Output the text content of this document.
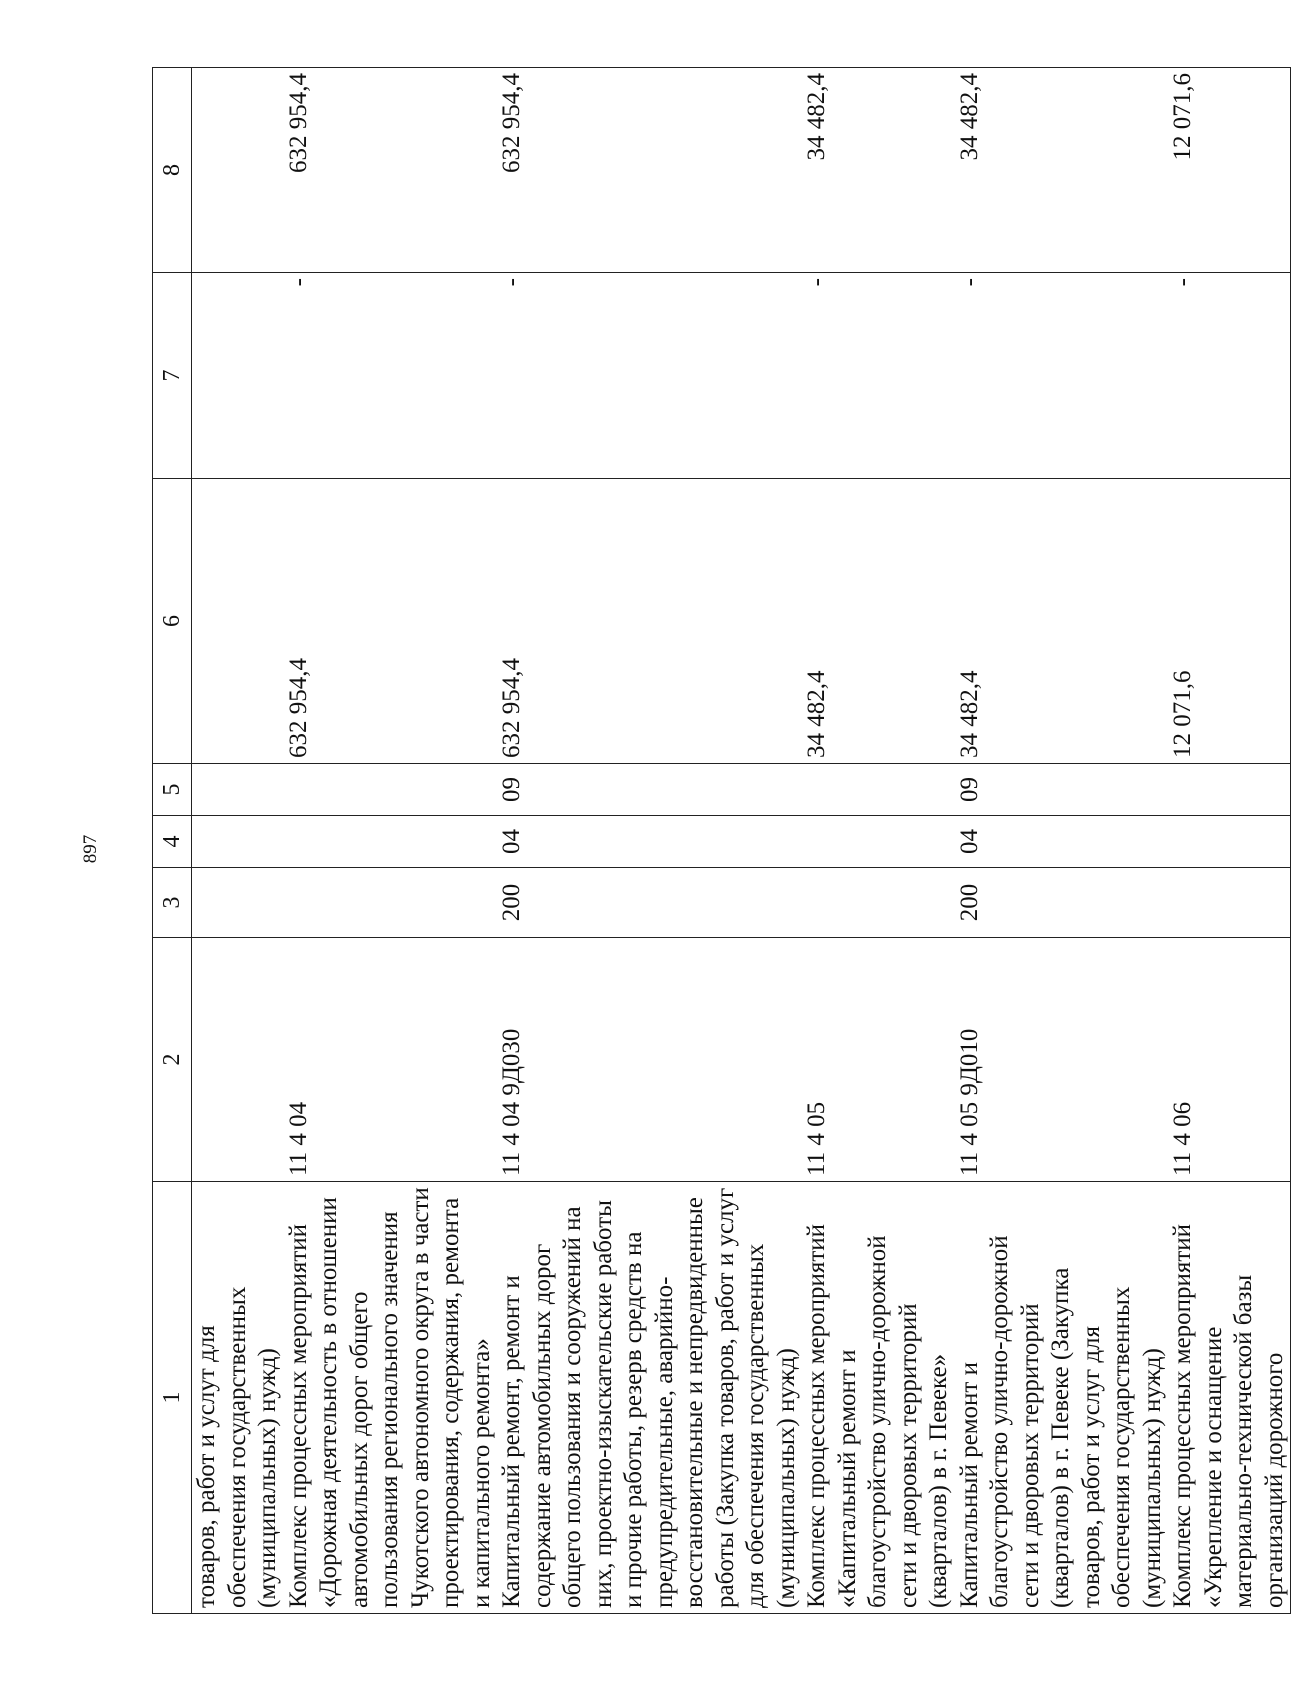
897
1	2	3	4	5	6	7	8
товаров, работ и услут для обеспечения государственных (муниципальных) нужд)							
Комплекс процессных мероприятий «Дорожная деятельность в отношении автомобильных дорог общего пользования регионального значения Чукотского автономного округа в части проектирования, содержания, ремонта и капитального ремонта»	11 4 04				632 954,4	-	632 954,4
Капитальный ремонт, ремонт и содержание автомобильных дорог общего пользования и сооружений на них, проектно-изыскательские работы и прочие работы, резерв средств на предупредительные, аварийно-восстановительные и непредвиденные работы (Закупка товаров, работ и услуг для обеспечения государственных (муниципальных) нужд)	11 4 04 9Д030	200	04	09	632 954,4	-	632 954,4
Комплекс процессных мероприятий «Капитальный ремонт и благоустройство улично-дорожной сети и дворовых территорий (кварталов) в г. Певеке»	11 4 05				34 482,4	-	34 482,4
Капитальный ремонт и благоустройство улично-дорожной сети и дворовых территорий (кварталов) в г. Певеке (Закупка товаров, работ и услуг для обеспечения государственных (муниципальных) нужд)	11 4 05 9Д010	200	04	09	34 482,4	-	34 482,4
Комплекс процессных мероприятий «Укрепление и оснащение материально-технической базы организаций дорожного	11 4 06				12 071,6	-	12 071,6
